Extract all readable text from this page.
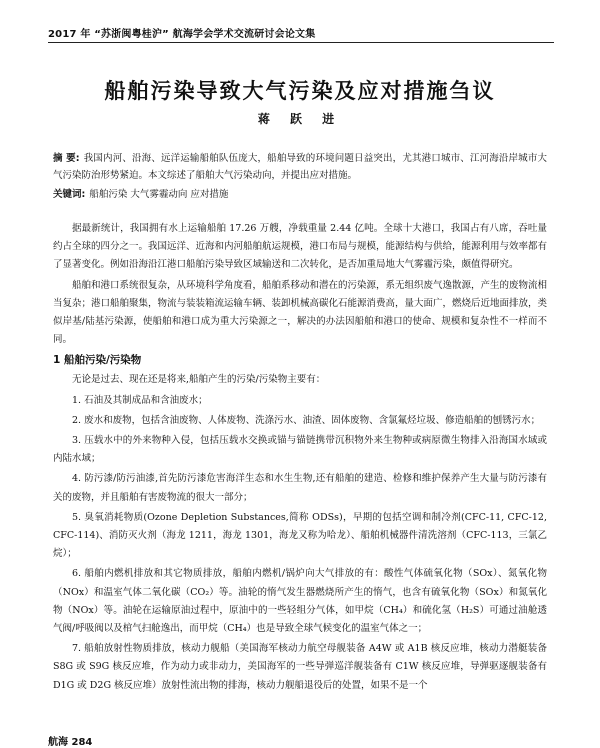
2017 年 “苏浙闽粤桂沪” 航海学会学术交流研讨会论文集
船舶污染导致大气污染及应对措施刍议
蒋 跃 进
摘 要: 我国内河、沿海、远洋运输船舶队伍庞大，船舶导致的环境问题日益突出，尤其港口城市、江河海沿岸城市大气污染防治形势紧迫。本文综述了船舶大气污染动向，并提出应对措施。
关键词: 船舶污染 大气雾霾动向 应对措施

据最新统计，我国拥有水上运输船舶 17.26 万艘，净载重量 2.44 亿吨。全球十大港口，我国占有八席，吞吐量约占全球的四分之一。我国远洋、近海和内河船舶航运规模，港口布局与规模，能源结构与供给，能源利用与效率都有了显著变化。例如沿海沿江港口船舶污染导致区域输送和二次转化，是否加重局地大气雾霾污染，颇值得研究。

船舶和港口系统很复杂，从环境科学角度看，船舶系移动和潜在的污染源，系无组织废气逸散源，产生的废物流相当复杂；港口船舶聚集，物流与装装箱流运输车辆、装卸机械高碳化石能源消费高，量大面广，燃烧后近地面排放，类似岸基/陆基污染源，使船舶和港口成为重大污染源之一，解决的办法因船舶和港口的使命、规模和复杂性不一样而不同。

1 船舶污染/污染物

无论是过去、现在还是将来,船舶产生的污染/污染物主要有：

1. 石油及其制成品和含油废水；

2. 废水和废物，包括含油废物、人体废物、洗涤污水、油渣、固体废物、含氯氟烃垃圾、修造船舶的刨锈污水；

3. 压载水中的外来物种入侵，包括压载水交换或锚与锚链携带沉积物外来生物种或病原微生物排入沿海国水域或内陆水域；

4. 防污漆/防污油漆,首先防污漆危害海洋生态和水生生物,还有船舶的建造、检修和维护保养产生大量与防污漆有关的废物，并且船舶有害废物流的很大一部分；

5. 臭氧消耗物质(Ozone Depletion Substances,简称 ODSs)，早期的包括空调和制冷剂(CFC-11, CFC-12, CFC-114)、消防灭火剂（海龙 1211，海龙 1301，海龙又称为哈龙）、船舶机械器件清洗溶剂（CFC-113，三氯乙烷）；

6. 船舶内燃机排放和其它物质排放，船舶内燃机/锅炉向大气排放的有：酸性气体硫氧化物（SOx）、氮氧化物（NOx）和温室气体二氧化碳（CO₂）等。油轮的惰气发生器燃烧所产生的惰气，也含有硫氧化物（SOx）和氮氧化物（NOx）等。油轮在运输原油过程中，原油中的一些轻组分气体，如甲烷（CH₄）和硫化氢（H₂S）可通过油舱透气阀/呼吸阀以及棺气扫舱逸出，而甲烷（CH₄）也是导致全球气候变化的温室气体之一；

7. 船舶放射性物质排放，核动力舰船（美国海军核动力航空母舰装备 A4W 或 A1B 核反应堆，核动力潜艇装备 S8G 或 S9G 核反应堆，作为动力或非动力，美国海军的一些导弹巡洋舰装备有 C1W 核反应堆，导弹驱逐舰装备有 D1G 或 D2G 核反应堆）放射性流出物的排海，核动力舰船退役后的处置，如果不是一个

航海 284
